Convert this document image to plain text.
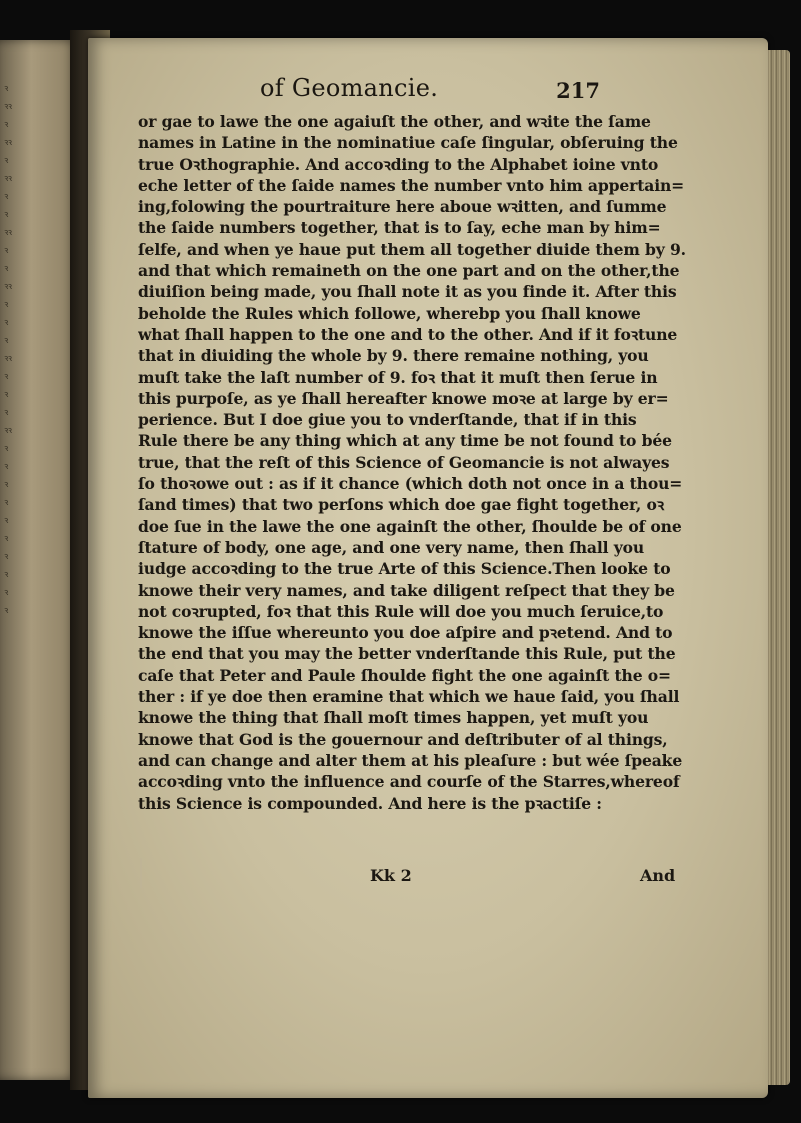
ꝛ
ꝛꝛ
ꝛ
ꝛꝛ
ꝛ
ꝛꝛ
ꝛ
ꝛ
ꝛꝛ
ꝛ
ꝛ
ꝛꝛ
ꝛ
ꝛ
ꝛ
ꝛꝛ
ꝛ
ꝛ
ꝛ
ꝛꝛ
ꝛ
ꝛ
ꝛ
ꝛ
ꝛ
ꝛ
ꝛ
ꝛ
ꝛ
ꝛ
of Geomancie.	217
or gae to lawe the one agaiuſt the other, and wꝛite the ſame
names in Latine in the nominatiue caſe ſingular, obſeruing the
true Oꝛthographie. And accoꝛding to the Alphabet ioine vnto
eche letter of the ſaide names the number vnto him appertain=
ing,folowing the pourtraiture here aboue wꝛitten, and ſumme
the ſaide numbers together, that is to ſay, eche man by him=
ſelfe, and when ye haue put them all together diuide them by 9.
and that which remaineth on the one part and on the other,the
diuiſion being made, you ſhall note it as you finde it. After this
beholde the Rules which followe, wherebp you ſhall knowe
what ſhall happen to the one and to the other. And if it foꝛtune
that in diuiding the whole by 9. there remaine nothing, you
muſt take the laſt number of 9. foꝛ that it muſt then ſerue in
this purpoſe, as ye ſhall hereafter knowe moꝛe at large by er=
perience. But I doe giue you to vnderſtande, that if in this
Rule there be any thing which at any time be not found to bée
true, that the reſt of this Science of Geomancie is not alwayes
ſo thoꝛowe out : as if it chance (which doth not once in a thou=
ſand times) that two perſons which doe gae fight together, oꝛ
doe ſue in the lawe the one againſt the other, ſhoulde be of one
ſtature of body, one age, and one very name, then ſhall you
iudge accoꝛding to the true Arte of this Science.Then looke to
knowe their very names, and take diligent reſpect that they be
not coꝛrupted, foꝛ that this Rule will doe you much ſeruice,to
knowe the iſſue whereunto you doe aſpire and pꝛetend. And to
the end that you may the better vnderſtande this Rule, put the
caſe that Peter and Paule ſhoulde fight the one againſt the o=
ther : if ye doe then eramine that which we haue ſaid, you ſhall
knowe the thing that ſhall moſt times happen, yet muſt you
knowe that God is the gouernour and deſtributer of al things,
and can change and alter them at his pleaſure : but wée ſpeake
accoꝛding vnto the influence and courſe of the Starres,whereof
this Science is compounded. And here is the pꝛactiſe :
Kk 2	And
